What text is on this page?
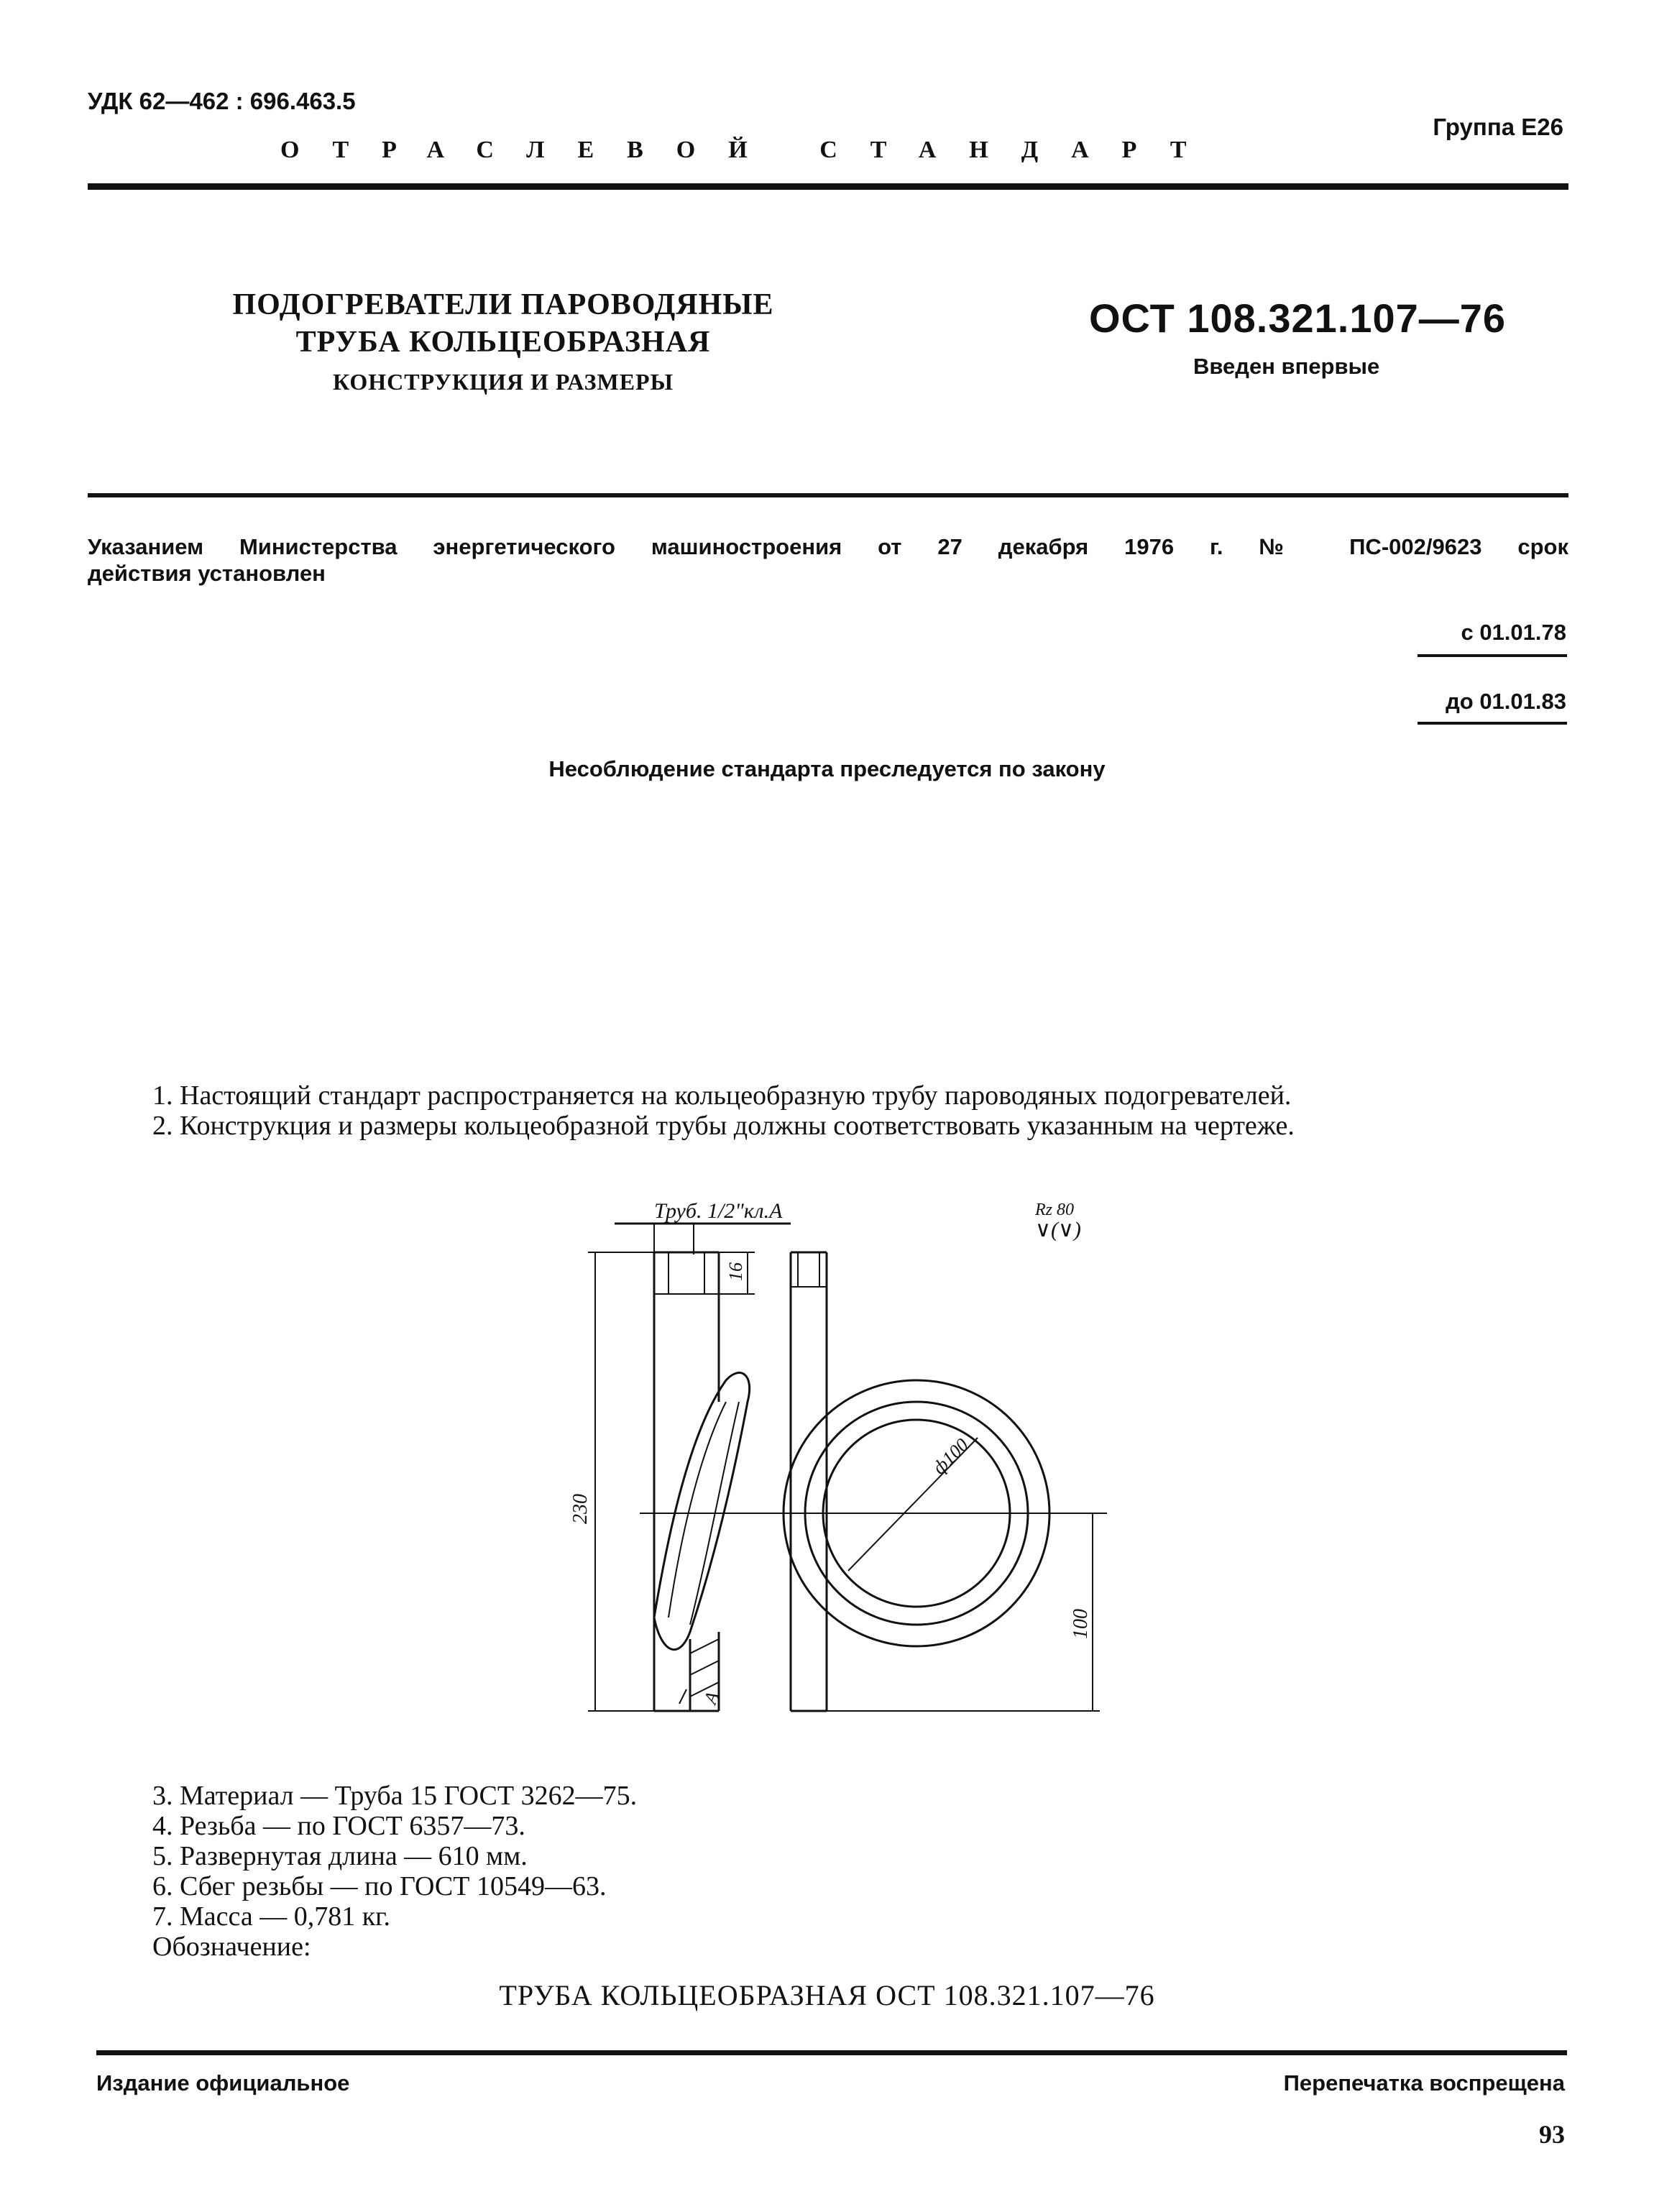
УДК 62—462 : 696.463.5
Группа Е26
ОТРАСЛЕВОЙ СТАНДАРТ
ПОДОГРЕВАТЕЛИ ПАРОВОДЯНЫЕ
ТРУБА КОЛЬЦЕОБРАЗНАЯ
КОНСТРУКЦИЯ И РАЗМЕРЫ
ОСТ 108.321.107—76
Введен впервые
Указанием Министерства энергетического машиностроения от 27 декабря 1976 г. № ПС-002/9623 срок
действия установлен
с 01.01.78
до 01.01.83
Несоблюдение стандарта преследуется по закону
1. Настоящий стандарт распространяется на кольцеобразную трубу пароводяных подогревателей.
2. Конструкция и размеры кольцеобразной трубы должны соответствовать указанным на чертеже.
Труб. 1/2"кл.А	Rz 80
∨(∨)
16
230
ф100
100
А
3. Материал — Труба 15 ГОСТ 3262—75.
4. Резьба — по ГОСТ 6357—73.
5. Развернутая длина — 610 мм.
6. Сбег резьбы — по ГОСТ 10549—63.
7. Масса — 0,781 кг.
Обозначение:
ТРУБА КОЛЬЦЕОБРАЗНАЯ ОСТ 108.321.107—76
Издание официальное	Перепечатка воспрещена
93
